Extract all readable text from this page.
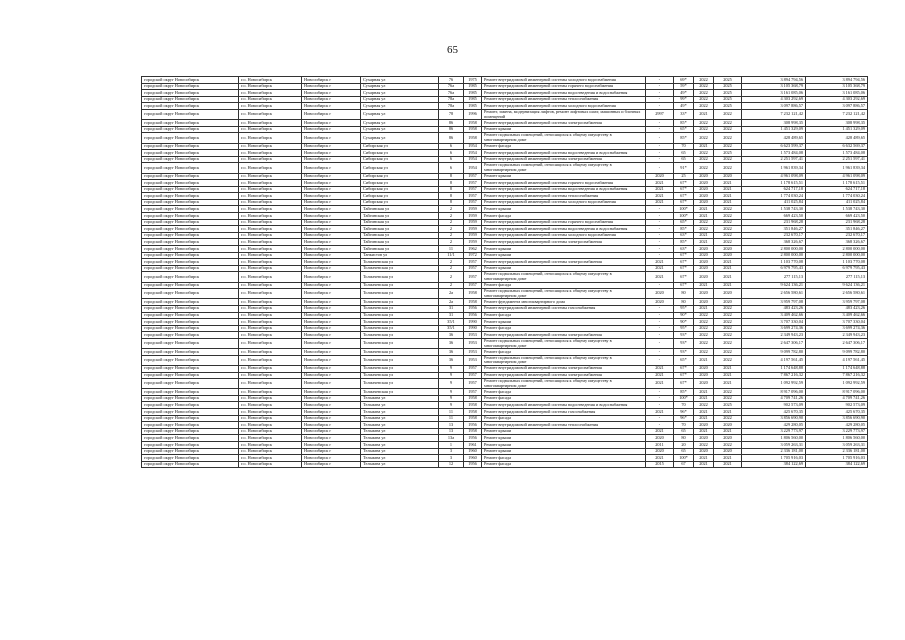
65
городской округ Новосибирск	г.о. Новосибирск	Новосибирск г	Сухарная ул	76	1975	Ремонт внутридомовой инженерной системы холодного водоснабжения	-	69*	2022	2025	3 894 794,56	3 894 794,56
городской округ Новосибирск	г.о. Новосибирск	Новосибирск г	Сухарная ул	76а	1985	Ремонт внутридомовой инженерной системы горячего водоснабжения	-	59*	2022	2025	3 105 368,79	3 105 368,79
городской округ Новосибирск	г.о. Новосибирск	Новосибирск г	Сухарная ул	76а	1985	Ремонт внутридомовой инженерной системы водоотведения и водоснабжения	-	49*	2022	2025	3 161 085,06	3 161 085,06
городской округ Новосибирск	г.о. Новосибирск	Новосибирск г	Сухарная ул	78а	1985	Ремонт внутридомовой инженерной системы теплоснабжения	-	99*	2022	2025	4 303 292,69	4 303 292,69
городской округ Новосибирск	г.о. Новосибирск	Новосибирск г	Сухарная ул	78а	1985	Ремонт внутридомовой инженерной системы холодного водоснабжения	-	49*	2022	2025	3 097 886,57	3 097 886,57
городской округ Новосибирск	г.о. Новосибирск	Новосибирск г	Сухарная ул	78	1996	Ремонт, замена, модернизация лифтов, ремонт лифтовых шахт, машинных и блочных помещений	2997	33*	2021	2022	7 232 121,42	7 232 121,42
городской округ Новосибирск	г.о. Новосибирск	Новосибирск г	Сухарная ул	86	1958	Ремонт внутридомовой инженерной системы электроснабжения	-	85*	2022	2022	308 998,35	308 998,35
городской округ Новосибирск	г.о. Новосибирск	Новосибирск г	Сухарная ул	86	1958	Ремонт крыши	-	65*	2022	2022	1 451 329,09	1 451 329,09
городской округ Новосибирск	г.о. Новосибирск	Новосибирск г	Сухарная ул	86	1958	Ремонт подвальных помещений, относящихся к общему имуществу в многоквартирном доме	-	85*	2022	2022	428 489,65	428 489,65
городской округ Новосибирск	г.о. Новосибирск	Новосибирск г	Сибирская ул	6	1954	Ремонт фасада	-	70	2021	2022	6 623 599,37	6 632 569,37
городской округ Новосибирск	г.о. Новосибирск	Новосибирск г	Сибирская ул	6	1954	Ремонт внутридомовой инженерной системы водоотведения и водоснабжения	-	65	2022	2025	1 573 484,08	1 573 484,08
городской округ Новосибирск	г.о. Новосибирск	Новосибирск г	Сибирская ул	6	1954	Ремонт внутридомовой инженерной системы электроснабжения	-	65	2022	2022	2 251 597,41	2 251 597,41
городской округ Новосибирск	г.о. Новосибирск	Новосибирск г	Сибирская ул	6	1954	Ремонт подвальных помещений, относящихся к общему имуществу в многоквартирном доме	-	91*	2022	2022	1 961 839,34	1 961 839,34
городской округ Новосибирск	г.о. Новосибирск	Новосибирск г	Сибирская ул	8	1957	Ремонт крыши	2020	25	2020	2020	4 961 098,09	4 961 098,09
городской округ Новосибирск	г.о. Новосибирск	Новосибирск г	Сибирская ул	8	1957	Ремонт внутридомовой инженерной системы горячего водоснабжения	2021	67*	2020	2021	1 178 615,51	1 178 615,51
городской округ Новосибирск	г.о. Новосибирск	Новосибирск г	Сибирская ул	8	1957	Ремонт внутридомовой инженерной системы водоотведения и водоснабжения	2021	67*	2020	2021	624 717,18	624 717,18
городской округ Новосибирск	г.о. Новосибирск	Новосибирск г	Сибирская ул	8	1957	Ремонт внутридомовой инженерной системы теплоснабжения	2021	67*	2020	2021	1 774 030,24	1 774 030,24
городской округ Новосибирск	г.о. Новосибирск	Новосибирск г	Сибирская ул	8	1957	Ремонт внутридомовой инженерной системы холодного водоснабжения	2021	67*	2020	2021	411 025,84	411 025,84
городской округ Новосибирск	г.о. Новосибирск	Новосибирск г	Тайгинская ул	2	1959	Ремонт крыши	-	100*	2021	2022	1 538 743,30	1 538 743,30
городской округ Новосибирск	г.о. Новосибирск	Новосибирск г	Тайгинская ул	2	1959	Ремонт фасада	-	100*	2021	2022	669 423,50	669 423,50
городской округ Новосибирск	г.о. Новосибирск	Новосибирск г	Тайгинская ул	2	1959	Ремонт внутридомовой инженерной системы горячего водоснабжения	-	65*	2022	2022	231 968,28	231 968,28
городской округ Новосибирск	г.о. Новосибирск	Новосибирск г	Тайгинская ул	2	1959	Ремонт внутридомовой инженерной системы водоотведения и водоснабжения	-	85*	2022	2022	351 846,27	351 846,27
городской округ Новосибирск	г.о. Новосибирск	Новосибирск г	Тайгинская ул	2	1959	Ремонт внутридомовой инженерной системы холодного водоснабжения	-	63*	2021	2022	232 670,17	232 670,17
городской округ Новосибирск	г.о. Новосибирск	Новосибирск г	Тайгинская ул	2	1959	Ремонт внутридомовой инженерной системы электроснабжения	-	85*	2021	2022	368 326,67	368 326,67
городской округ Новосибирск	г.о. Новосибирск	Новосибирск г	Тайгинская ул	11	1962	Ремонт крыши	-	63*	2020	2020	2 800 000,00	2 800 000,00
городской округ Новосибирск	г.о. Новосибирск	Новосибирск г	Танкистов ул	11/1	1972	Ремонт крыши	-	67*	2020	2020	2 800 000,00	2 800 000,00
городской округ Новосибирск	г.о. Новосибирск	Новосибирск г	Толмачевская ул	2	1957	Ремонт внутридомовой инженерной системы электроснабжения	2021	67*	2020	2021	1 103 770,08	1 103 770,08
городской округ Новосибирск	г.о. Новосибирск	Новосибирск г	Толмачевская ул	2	1957	Ремонт крыши	2021	67*	2020	2021	6 979 795,43	6 979 795,43
городской округ Новосибирск	г.о. Новосибирск	Новосибирск г	Толмачевская ул	2	1957	Ремонт подвальных помещений, относящихся к общему имуществу в многоквартирном доме	2021	67*	2020	2021	277 115,13	277 115,13
городской округ Новосибирск	г.о. Новосибирск	Новосибирск г	Толмачевская ул	2	1957	Ремонт фасада	-	67*	2021	2021	9 624 136,21	9 624 136,21
городской округ Новосибирск	г.о. Новосибирск	Новосибирск г	Толмачевская ул	2а	1958	Ремонт подвальных помещений, относящихся к общему имуществу в многоквартирном доме	2020	80	2020	2020	2 656 580,61	2 656 580,61
городской округ Новосибирск	г.о. Новосибирск	Новосибирск г	Толмачевская ул	2а	1958	Ремонт фундамента многоквартирного дома	2020	80	2020	2020	3 959 797,08	3 959 797,08
городской округ Новосибирск	г.о. Новосибирск	Новосибирск г	Толмачевская ул	31	1956	Ремонт внутридомовой инженерной системы газоснабжения	-	95*	2021	2022	483 423,26	483 423,26
городской округ Новосибирск	г.о. Новосибирск	Новосибирск г	Толмачевская ул	31	1956	Ремонт фасада	-	90*	2022	2022	3 409 462,66	3 409 462,66
городской округ Новосибирск	г.о. Новосибирск	Новосибирск г	Толмачевская ул	35/1	1990	Ремонт крыши	-	90*	2022	2022	3 707 330,04	3 707 330,04
городской округ Новосибирск	г.о. Новосибирск	Новосибирск г	Толмачевская ул	35/1	1990	Ремонт фасада	-	95*	2022	2022	3 699 274,36	3 699 274,36
городской округ Новосибирск	г.о. Новосибирск	Новосибирск г	Толмачевская ул	36	1953	Ремонт внутридомовой инженерной системы электроснабжения	-	93*	2022	2022	2 349 943,23	2 349 943,23
городской округ Новосибирск	г.о. Новосибирск	Новосибирск г	Толмачевская ул	36	1953	Ремонт подвальных помещений, относящихся к общему имуществу в многоквартирном доме	-	93*	2022	2022	2 647 306,17	2 647 306,17
городской округ Новосибирск	г.о. Новосибирск	Новосибирск г	Толмачевская ул	36	1953	Ремонт фасада	-	93*	2022	2022	9 099 782,80	9 099 782,80
городской округ Новосибирск	г.о. Новосибирск	Новосибирск г	Толмачевская ул	36	1953	Ремонт подвальных помещений, относящихся к общему имуществу в многоквартирном доме	-	65*	2021	2022	4 197 561,45	4 197 561,45
городской округ Новосибирск	г.о. Новосибирск	Новосибирск г	Толмачевская ул	9	1957	Ремонт внутридомовой инженерной системы электроснабжения	2021	67*	2020	2021	1 174 648,88	1 174 648,88
городской округ Новосибирск	г.о. Новосибирск	Новосибирск г	Толмачевская ул	9	1957	Ремонт внутридомовой инженерной системы электроснабжения	2021	67*	2020	2021	7 867 216,32	7 867 216,32
городской округ Новосибирск	г.о. Новосибирск	Новосибирск г	Толмачевская ул	9	1957	Ремонт подвальных помещений, относящихся к общему имуществу в многоквартирном доме	2021	67*	2020	2021	1 092 992,59	1 092 992,59
городской округ Новосибирск	г.о. Новосибирск	Новосибирск г	Толмачевская ул	9	1957	Ремонт фасада	-	85*	2021	2022	8 917 096,00	8 917 096,00
городской округ Новосибирск	г.о. Новосибирск	Новосибирск г	Тельмана ул	9	1958	Ремонт фасада	-	100*	2021	2022	4 709 741,26	4 709 741,26
городской округ Новосибирск	г.о. Новосибирск	Новосибирск г	Тельмана ул	9	1958	Ремонт внутридомовой инженерной системы водоотведения и водоснабжения	-	70	2022	2025	902 573,09	902 573,09
городской округ Новосибирск	г.о. Новосибирск	Новосибирск г	Тельмана ул	11	1958	Ремонт внутридомовой инженерной системы газоснабжения	2021	96*	2021	2021	425 670,35	425 670,35
городской округ Новосибирск	г.о. Новосибирск	Новосибирск г	Тельмана ул	11	1958	Ремонт фасада	-	96*	2021	2022	3 856 690,90	3 856 690,90
городской округ Новосибирск	г.о. Новосибирск	Новосибирск г	Тельмана ул	13	1956	Ремонт внутридомовой инженерной системы теплоснабжения	-	70	2020	2020	429 280,05	429 280,05
городской округ Новосибирск	г.о. Новосибирск	Новосибирск г	Тельмана ул	13	1958	Ремонт крыши	2021	65	2021	2021	3 229 773,97	3 229 773,97
городской округ Новосибирск	г.о. Новосибирск	Новосибирск г	Тельмана ул	13а	1956	Ремонт крыши	2020	80	2020	2020	1 806 560,00	1 806 560,00
городской округ Новосибирск	г.о. Новосибирск	Новосибирск г	Тельмана ул	1	1961	Ремонт крыши	2011	20	2022	2022	3 059 263,31	3 059 263,31
городской округ Новосибирск	г.о. Новосибирск	Новосибирск г	Тельмана ул	3	1960	Ремонт крыши	2020	65	2020	2020	2 336 181,00	2 336 181,00
городской округ Новосибирск	г.о. Новосибирск	Новосибирск г	Тельмана ул	3	1960	Ремонт фасада	2021	100*	2021	2021	1 705 916,03	1 705 916,03
городской округ Новосибирск	г.о. Новосибирск	Новосибирск г	Тельмана ул	12	1956	Ремонт фасада	2015	67	2021	2021	384 122,69	384 122,69
